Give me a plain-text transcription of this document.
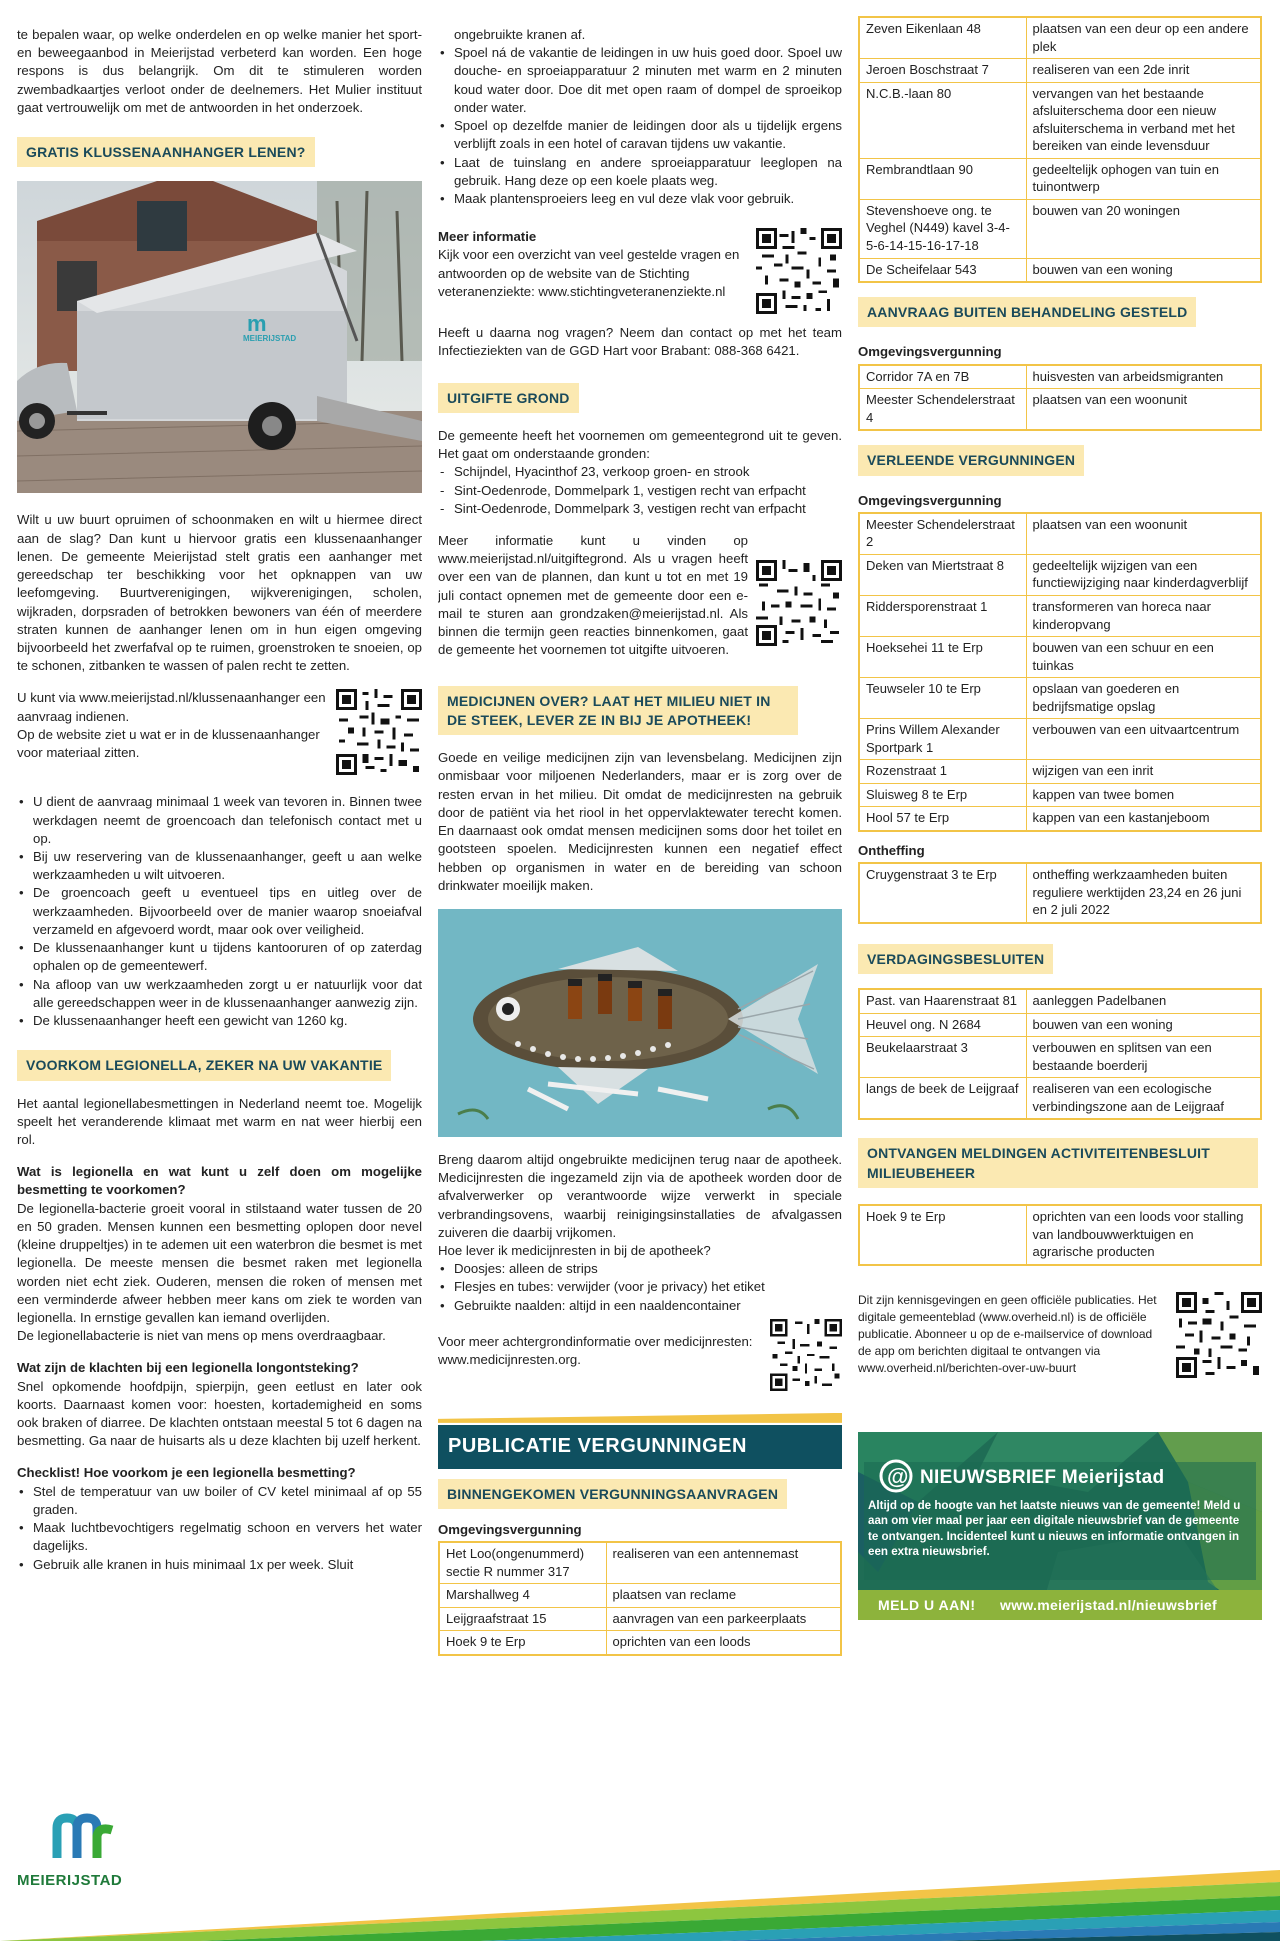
te bepalen waar, op welke onderdelen en op welke manier het sport- en beweegaanbod in Meierijstad verbeterd kan worden. Een hoge respons is dus belangrijk. Om dit te stimuleren worden zwembadkaartjes verloot onder de deelnemers. Het Mulier instituut gaat vertrouwelijk om met de antwoorden in het onderzoek.

GRATIS KLUSSENAANHANGER LENEN?
m
MEIERIJSTAD

Wilt u uw buurt opruimen of schoonmaken en wilt u hiermee direct aan de slag? Dan kunt u hiervoor gratis een klussenaanhanger lenen. De gemeente Meierijstad stelt gratis een aanhanger met gereedschap ter beschikking voor het opknappen van uw leefomgeving. Buurtverenigingen, wijkverenigingen, scholen, wijkraden, dorpsraden of betrokken bewoners van één of meerdere straten kunnen de aanhanger lenen om in hun eigen omgeving bijvoorbeeld het zwerfafval op te ruimen, groenstroken te snoeien, op te schonen, zitbanken te wassen of palen recht te zetten.

U kunt via www.meierijstad.nl/klussenaanhanger een aanvraag indienen.

Op de website ziet u wat er in de klussenaanhanger voor materiaal zitten.

• U dient de aanvraag minimaal 1 week van tevoren in. Binnen twee werkdagen neemt de groencoach dan telefonisch contact met u op.
• Bij uw reservering van de klussenaanhanger, geeft u aan welke werkzaamheden u wilt uitvoeren.
• De groencoach geeft u eventueel tips en uitleg over de werkzaamheden. Bijvoorbeeld over de manier waarop snoeiafval verzameld en afgevoerd wordt, maar ook over veiligheid.
• De klussenaanhanger kunt u tijdens kantooruren of op zaterdag ophalen op de gemeentewerf.
• Na afloop van uw werkzaamheden zorgt u er natuurlijk voor dat alle gereedschappen weer in de klussenaanhanger aanwezig zijn.
• De klussenaanhanger heeft een gewicht van 1260 kg.
VOORKOM LEGIONELLA, ZEKER NA UW VAKANTIE

Het aantal legionellabesmettingen in Nederland neemt toe. Mogelijk speelt het veranderende klimaat met warm en nat weer hierbij een rol.

Wat is legionella en wat kunt u zelf doen om mogelijke besmetting te voorkomen?

De legionella-bacterie groeit vooral in stilstaand water tussen de 20 en 50 graden. Mensen kunnen een besmetting oplopen door nevel (kleine druppeltjes) in te ademen uit een waterbron die besmet is met legionella. De meeste mensen die besmet raken met legionella worden niet echt ziek. Ouderen, mensen die roken of mensen met een verminderde afweer hebben meer kans om ziek te worden van legionella. In ernstige gevallen kan iemand overlijden.

De legionellabacterie is niet van mens op mens overdraagbaar.

Wat zijn de klachten bij een legionella longontsteking?

Snel opkomende hoofdpijn, spierpijn, geen eetlust en later ook koorts. Daarnaast komen voor: hoesten, kortademigheid en soms ook braken of diarree. De klachten ontstaan meestal 5 tot 6 dagen na besmetting. Ga naar de huisarts als u deze klachten bij uzelf herkent.

Checklist! Hoe voorkom je een legionella besmetting?

• Stel de temperatuur van uw boiler of CV ketel minimaal af op 55 graden.
• Maak luchtbevochtigers regelmatig schoon en ververs het water dagelijks.
• Gebruik alle kranen in huis minimaal 1x per week. Sluit

ongebruikte kranen af.

• Spoel ná de vakantie de leidingen in uw huis goed door. Spoel uw douche- en sproeiapparatuur 2 minuten met warm en 2 minuten koud water door. Doe dit met open raam of dompel de sproeikop onder water.
• Spoel op dezelfde manier de leidingen door als u tijdelijk ergens verblijft zoals in een hotel of caravan tijdens uw vakantie.
• Laat de tuinslang en andere sproeiapparatuur leeglopen na gebruik. Hang deze op een koele plaats weg.
• Maak plantensproeiers leeg en vul deze vlak voor gebruik.

Meer informatie

Kijk voor een overzicht van veel gestelde vragen en antwoorden op de website van de Stichting veteranenziekte: www.stichtingveteranenziekte.nl

Heeft u daarna nog vragen? Neem dan contact op met het team Infectieziekten van de GGD Hart voor Brabant: 088-368 6421.

UITGIFTE GROND

De gemeente heeft het voornemen om gemeentegrond uit te geven. Het gaat om onderstaande gronden:

- Schijndel, Hyacinthof 23, verkoop groen- en strook
- Sint-Oedenrode, Dommelpark 1, vestigen recht van erfpacht
- Sint-Oedenrode, Dommelpark 3, vestigen recht van erfpacht

Meer informatie kunt u vinden op www.meierijstad.nl/uitgiftegrond. Als u vragen heeft over een van de plannen, dan kunt u tot en met 19 juli contact opnemen met de gemeente door een e-mail te sturen aan grondzaken@meierijstad.nl. Als binnen die termijn geen reacties binnenkomen, gaat de gemeente het voornemen tot uitgifte uitvoeren.

MEDICIJNEN OVER? LAAT HET MILIEU NIET IN DE STEEK, LEVER ZE IN BIJ JE APOTHEEK!

Goede en veilige medicijnen zijn van levensbelang. Medicijnen zijn onmisbaar voor miljoenen Nederlanders, maar er is zorg over de resten ervan in het milieu. Dit omdat de medicijnresten na gebruik door de patiënt via het riool in het oppervlaktewater terecht komen. En daarnaast ook omdat mensen medicijnen soms door het toilet en gootsteen spoelen. Medicijnresten kunnen een negatief effect hebben op organismen in water en de bereiding van schoon drinkwater moeilijk maken.

Breng daarom altijd ongebruikte medicijnen terug naar de apotheek. Medicijnresten die ingezameld zijn via de apotheek worden door de afvalverwerker op verantwoorde wijze verwerkt in speciale verbrandingsovens, waarbij reinigingsinstallaties de afvalgassen zuiveren die daarbij vrijkomen.

Hoe lever ik medicijnresten in bij de apotheek?

• Doosjes: alleen de strips
• Flesjes en tubes: verwijder (voor je privacy) het etiket
• Gebruikte naalden: altijd in een naaldencontainer

Voor meer achtergrondinformatie over medicijnresten: www.medicijnresten.org.

PUBLICATIE VERGUNNINGEN
BINNENGEKOMEN VERGUNNINGSAANVRAGEN
Omgevingsvergunning
Het Loo(ongenummerd) sectie R nummer 317	realiseren van een antennemast
Marshallweg 4	plaatsen van reclame
Leijgraafstraat 15	aanvragen van een parkeerplaats
Hoek 9 te Erp	oprichten van een loods
Zeven Eikenlaan 48	plaatsen van een deur op een andere plek
Jeroen Boschstraat 7	realiseren van een 2de inrit
N.C.B.-laan 80	vervangen van het bestaande afsluiterschema door een nieuw afsluiterschema in verband met het bereiken van einde levensduur
Rembrandtlaan 90	gedeeltelijk ophogen van tuin en tuinontwerp
Stevenshoeve ong. te Veghel (N449) kavel 3-4-5-6-14-15-16-17-18	bouwen van 20 woningen
De Scheifelaar 543	bouwen van een woning
AANVRAAG BUITEN BEHANDELING GESTELD
Omgevingsvergunning
Corridor 7A en 7B	huisvesten van arbeidsmigranten
Meester Schendelerstraat 4	plaatsen van een woonunit
VERLEENDE VERGUNNINGEN
Omgevingsvergunning
Meester Schendelerstraat 2	plaatsen van een woonunit
Deken van Miertstraat 8	gedeeltelijk wijzigen van een functiewijziging naar kinderdagverblijf
Riddersporenstraat 1	transformeren van horeca naar kinderopvang
Hoeksehei 11 te Erp	bouwen van een schuur en een tuinkas
Teuwseler 10 te Erp	opslaan van goederen en bedrijfsmatige opslag
Prins Willem Alexander Sportpark 1	verbouwen van een uitvaartcentrum
Rozenstraat 1	wijzigen van een inrit
Sluisweg 8 te Erp	kappen van twee bomen
Hool 57 te Erp	kappen van een kastanjeboom
Ontheffing
Cruygenstraat 3 te Erp	ontheffing werkzaamheden buiten reguliere werktijden 23,24 en 26 juni en 2 juli 2022
VERDAGINGSBESLUITEN
Past. van Haarenstraat 81	aanleggen Padelbanen
Heuvel ong. N 2684	bouwen van een woning
Beukelaarstraat 3	verbouwen en splitsen van een bestaande boerderij
langs de beek de Leijgraaf	realiseren van een ecologische verbindingszone aan de Leijgraaf
ONTVANGEN MELDINGEN ACTIVITEITENBESLUIT MILIEUBEHEER
Hoek 9 te Erp	oprichten van een loods voor stalling van landbouwwerktuigen en agrarische producten

Dit zijn kennisgevingen en geen officiële publicaties. Het digitale gemeenteblad (www.overheid.nl) is de officiële publicatie. Abonneer u op de e-mailservice of download de app om berichten digitaal te ontvangen via www.overheid.nl/berichten-over-uw-buurt

@ NIEUWSBRIEF Meierijstad
Altijd op de hoogte van het laatste nieuws van de gemeente! Meld u aan om vier maal per jaar een digitale nieuwsbrief van de gemeente te ontvangen. Incidenteel kunt u nieuws en informatie ontvangen in een extra nieuwsbrief.
MELD U AAN! www.meierijstad.nl/nieuwsbrief
MEIERIJSTAD
